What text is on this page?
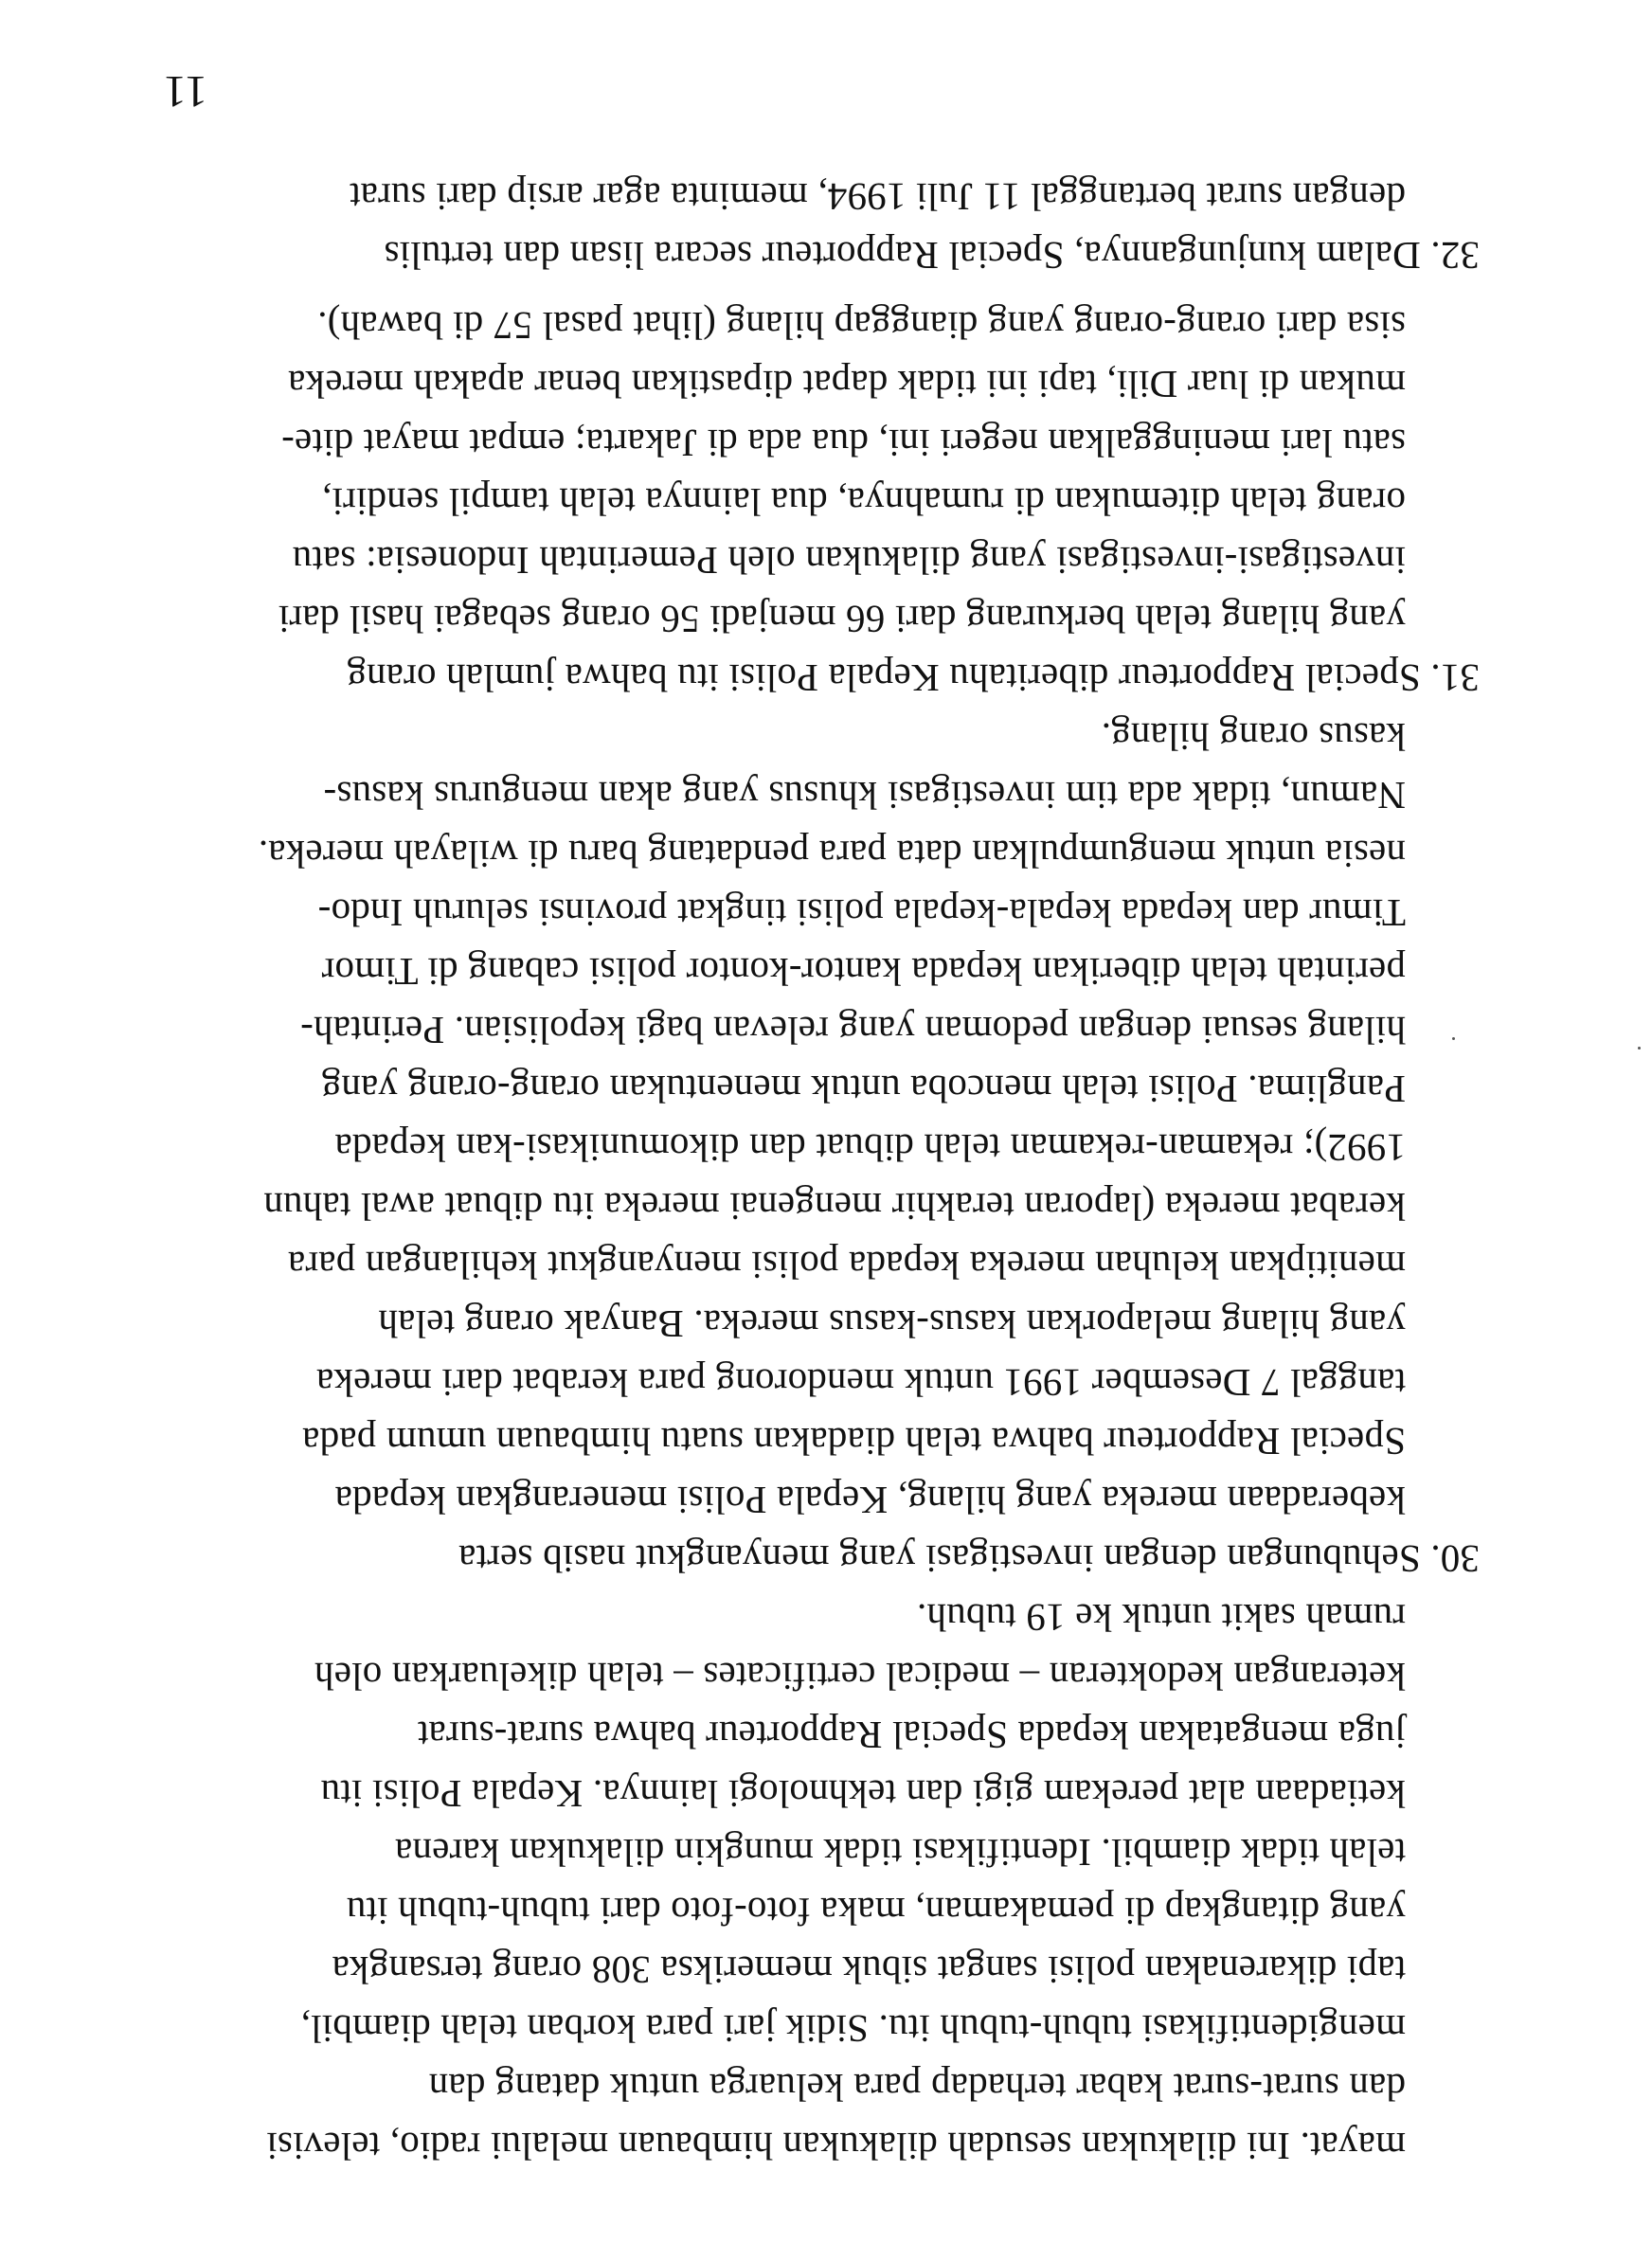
mayat. Ini dilakukan sesudah dilakukan himbauan melalui radio, televisi
dan surat-surat kabar terhadap para keluarga untuk datang dan
mengidentifikasi tubuh-tubuh itu. Sidik jari para korban telah diambil,
tapi dikarenakan polisi sangat sibuk memeriksa 308 orang tersangka
yang ditangkap di pemakaman, maka foto-foto dari tubuh-tubuh itu
telah tidak diambil. Identifikasi tidak mungkin dilakukan karena
ketiadaan alat perekam gigi dan tekhnologi lainnya. Kepala Polisi itu
juga mengatakan kepada Special Rapporteur bahwa surat-surat
keterangan kedokteran – medical certificates – telah dikeluarkan oleh
rumah sakit untuk ke 19 tubuh.
30. Sehubungan dengan investigasi yang menyangkut nasib serta
keberadaan mereka yang hilang, Kepala Polisi menerangkan kepada
Special Rapporteur bahwa telah diadakan suatu himbauan umum pada
tanggal 7 Desember 1991 untuk mendorong para kerabat dari mereka
yang hilang melaporkan kasus-kasus mereka. Banyak orang telah
menitipkan keluhan mereka kepada polisi menyangkut kehilangan para
kerabat mereka (laporan terakhir mengenai mereka itu dibuat awal tahun
1992); rekaman-rekaman telah dibuat dan dikomunikasi-kan kepada
Panglima. Polisi telah mencoba untuk menentukan orang-orang yang
hilang sesuai dengan pedoman yang relevan bagi kepolisian. Perintah-
perintah telah diberikan kepada kantor-kontor polisi cabang di Timor
Timur dan kepada kepala-kepala polisi tingkat provinsi seluruh Indo-
nesia untuk mengumpulkan data para pendatang baru di wilayah mereka.
Namun, tidak ada tim investigasi khusus yang akan mengurus kasus-
kasus orang hilang.
31. Special Rapporteur diberitahu Kepala Polisi itu bahwa jumlah orang
yang hilang telah berkurang dari 66 menjadi 56 orang sebagai hasil dari
investigasi-investigasi yang dilakukan oleh Pemerintah Indonesia: satu
orang telah ditemukan di rumahnya, dua lainnya telah tampil sendiri,
satu lari meninggalkan negeri ini, dua ada di Jakarta; empat mayat dite-
mukan di luar Dili, tapi ini tidak dapat dipastikan benar apakah mereka
sisa dari orang-orang yang dianggap hilang (lihat pasal 57 di bawah).
32. Dalam kunjungannya, Special Rapporteur secara lisan dan tertulis
dengan surat bertanggal 11 Juli 1994, meminta agar arsip dari surat
11
